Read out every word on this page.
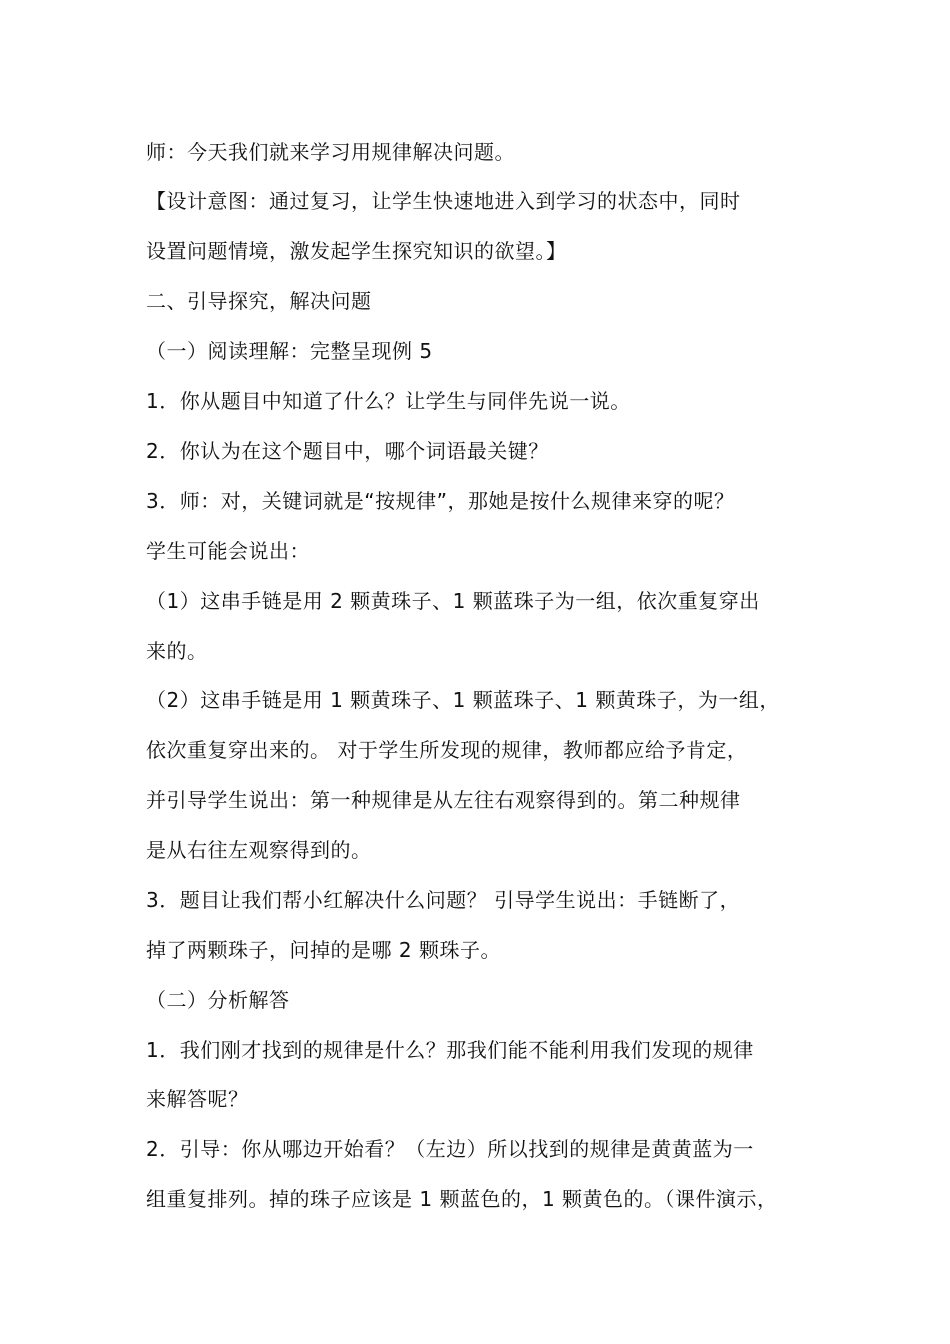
师：今天我们就来学习用规律解决问题。
【设计意图：通过复习，让学生快速地进入到学习的状态中，同时
设置问题情境，激发起学生探究知识的欲望。】
二、引导探究，解决问题
（一）阅读理解：完整呈现例 5
1．你从题目中知道了什么？让学生与同伴先说一说。
2．你认为在这个题目中，哪个词语最关键？
3．师：对，关键词就是“按规律”，那她是按什么规律来穿的呢？
学生可能会说出：
（1）这串手链是用 2 颗黄珠子、1 颗蓝珠子为一组，依次重复穿出
来的。
（2）这串手链是用 1 颗黄珠子、1 颗蓝珠子、1 颗黄珠子，为一组，
依次重复穿出来的。 对于学生所发现的规律，教师都应给予肯定，
并引导学生说出：第一种规律是从左往右观察得到的。第二种规律
是从右往左观察得到的。
3．题目让我们帮小红解决什么问题？ 引导学生说出：手链断了，
掉了两颗珠子，问掉的是哪 2 颗珠子。
（二）分析解答
1．我们刚才找到的规律是什么？那我们能不能利用我们发现的规律
来解答呢？
2．引导：你从哪边开始看？（左边）所以找到的规律是黄黄蓝为一
组重复排列。掉的珠子应该是 1 颗蓝色的，1 颗黄色的。（课件演示，
